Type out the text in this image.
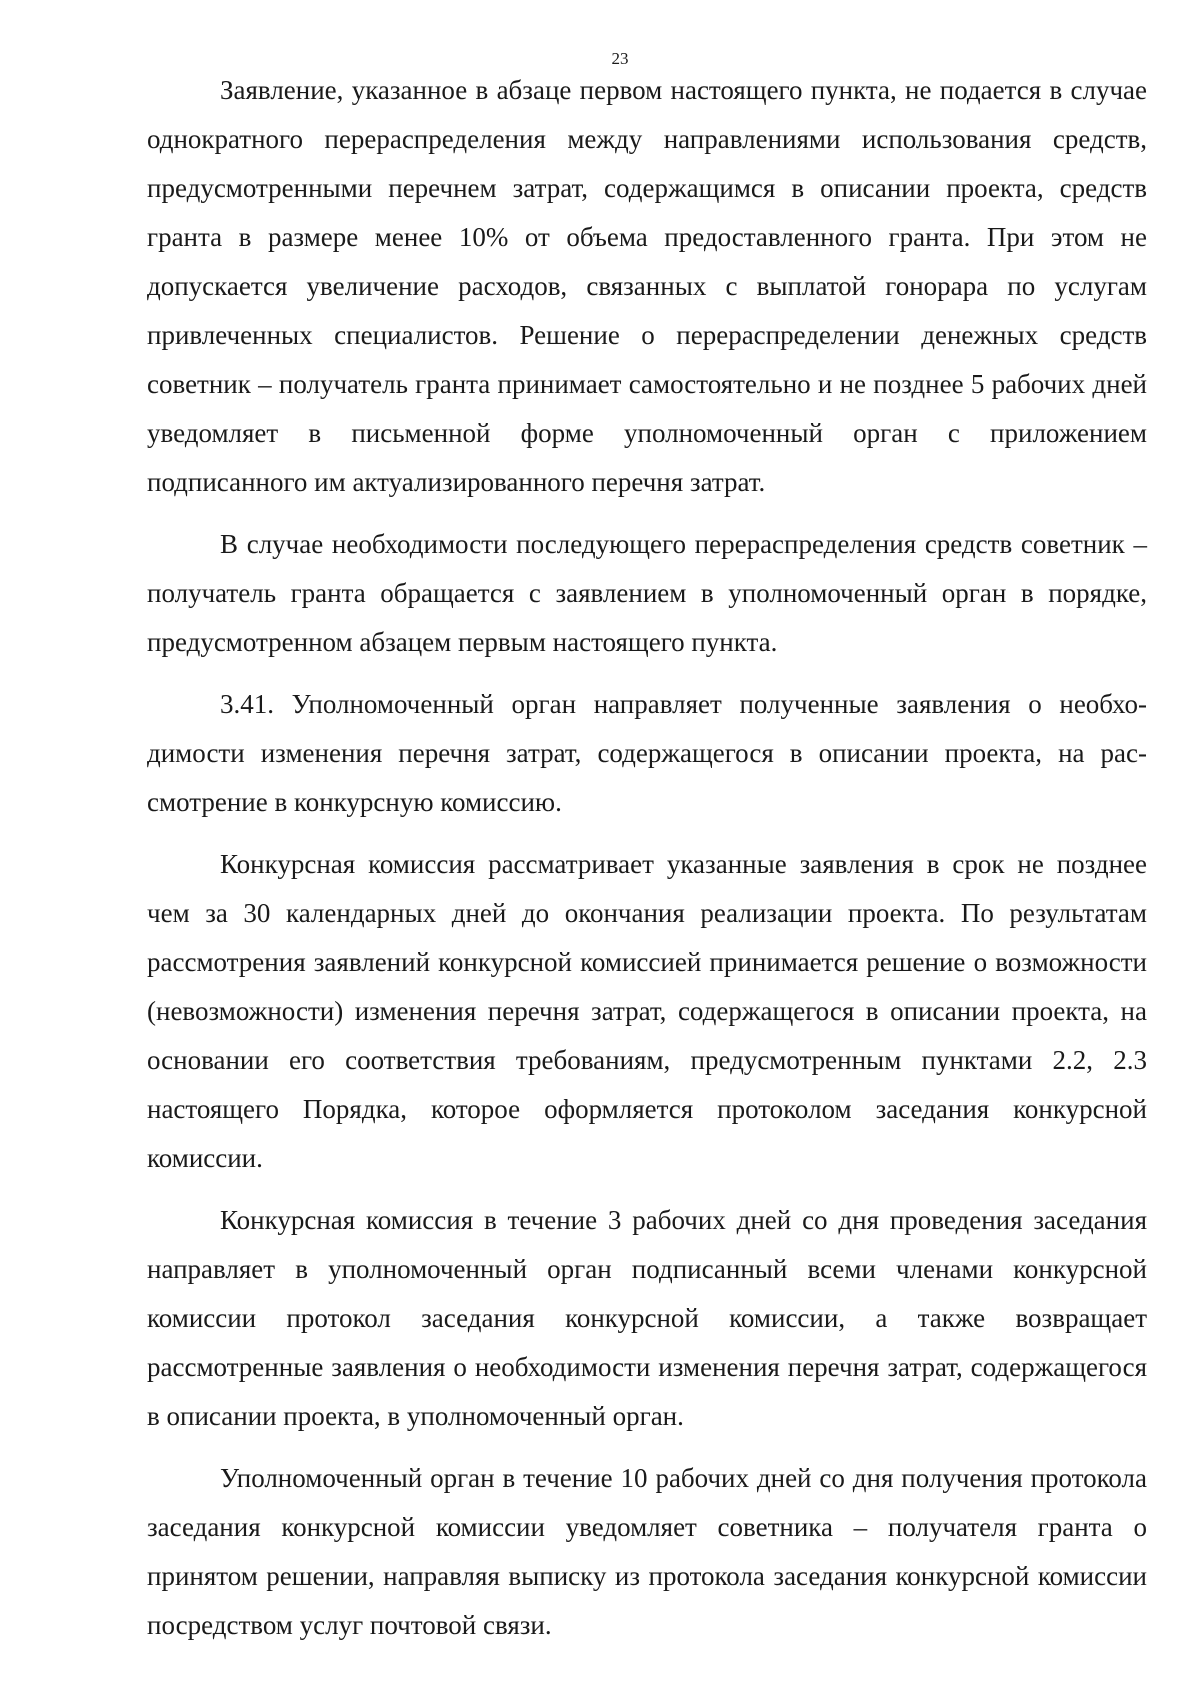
23

Заявление, указанное в абзаце первом настоящего пункта, не подается в случае однократного перераспределения между направлениями использования средств, предусмотренными перечнем затрат, содержащимся в описании проекта, средств гранта в размере менее 10% от объема предоставленного гранта. При этом не допускается увеличение расходов, связанных с выплатой гонорара по услугам привлеченных специалистов. Решение о перераспределении денежных средств советник – получатель гранта принимает самостоятельно и не позднее 5 рабочих дней уведомляет в письменной форме уполномоченный орган с приложением подписанного им актуализированного перечня затрат.

В случае необходимости последующего перераспределения средств советник – получатель гранта обращается с заявлением в уполномоченный орган в порядке, предусмотренном абзацем первым настоящего пункта.

3.41. Уполномоченный орган направляет полученные заявления о необходимости изменения перечня затрат, содержащегося в описании проекта, на рассмотрение в конкурсную комиссию.

Конкурсная комиссия рассматривает указанные заявления в срок не позднее чем за 30 календарных дней до окончания реализации проекта. По результатам рассмотрения заявлений конкурсной комиссией принимается решение о возможности (невозможности) изменения перечня затрат, содержащегося в описании проекта, на основании его соответствия требованиям, предусмотренным пунктами 2.2, 2.3 настоящего Порядка, которое оформляется протоколом заседания конкурсной комиссии.

Конкурсная комиссия в течение 3 рабочих дней со дня проведения заседания направляет в уполномоченный орган подписанный всеми членами конкурсной комиссии протокол заседания конкурсной комиссии, а также возвращает рассмотренные заявления о необходимости изменения перечня затрат, содержащегося в описании проекта, в уполномоченный орган.

Уполномоченный орган в течение 10 рабочих дней со дня получения протокола заседания конкурсной комиссии уведомляет советника – получателя гранта о принятом решении, направляя выписку из протокола заседания конкурсной комиссии посредством услуг почтовой связи.
